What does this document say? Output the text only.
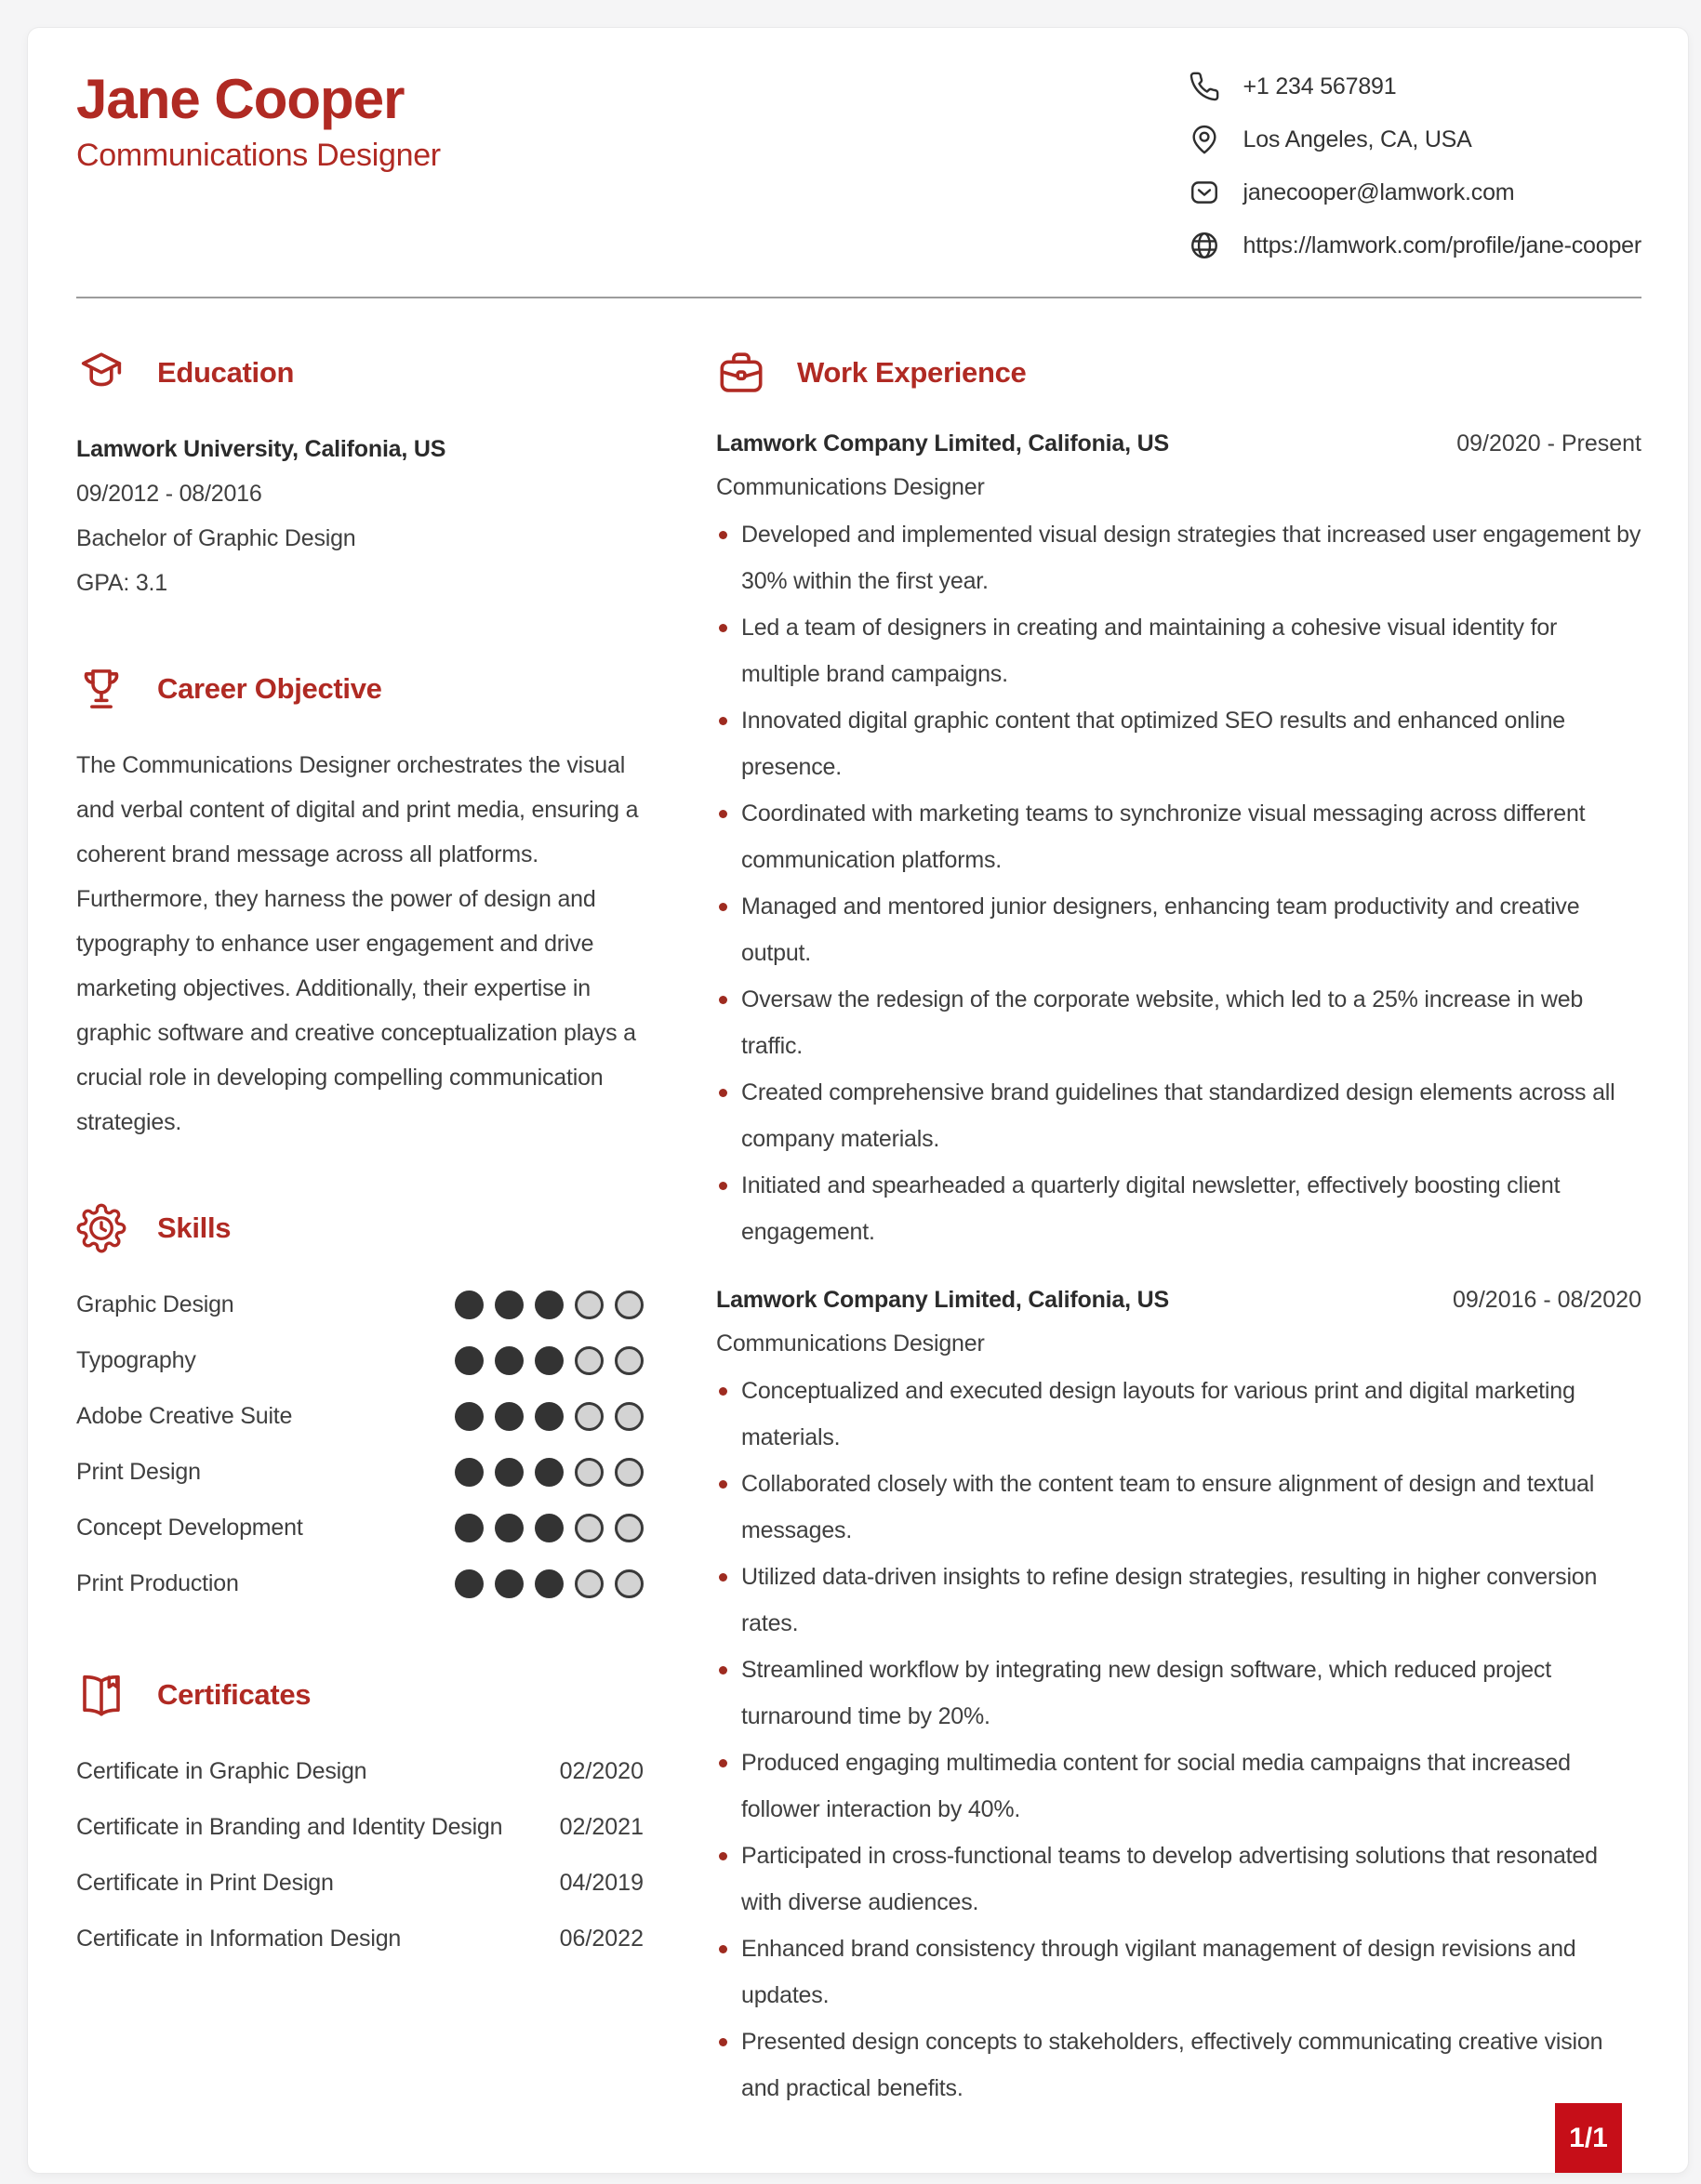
Jane Cooper
Communications Designer
+1 234 567891
Los Angeles, CA, USA
janecooper@lamwork.com
https://lamwork.com/profile/jane-cooper
Education
Lamwork University, Califonia, US
09/2012 - 08/2016
Bachelor of Graphic Design
GPA: 3.1
Career Objective
The Communications Designer orchestrates the visual and verbal content of digital and print media, ensuring a coherent brand message across all platforms. Furthermore, they harness the power of design and typography to enhance user engagement and drive marketing objectives. Additionally, their expertise in graphic software and creative conceptualization plays a crucial role in developing compelling communication strategies.
Skills
Graphic Design
Typography
Adobe Creative Suite
Print Design
Concept Development
Print Production
Certificates
Certificate in Graphic Design	02/2020
Certificate in Branding and Identity Design 02/2021
Certificate in Print Design	04/2019
Certificate in Information Design	06/2022
Work Experience
Lamwork Company Limited, Califonia, US	09/2020 - Present
Communications Designer
Developed and implemented visual design strategies that increased user engagement by 30% within the first year.
Led a team of designers in creating and maintaining a cohesive visual identity for multiple brand campaigns.
Innovated digital graphic content that optimized SEO results and enhanced online presence.
Coordinated with marketing teams to synchronize visual messaging across different communication platforms.
Managed and mentored junior designers, enhancing team productivity and creative output.
Oversaw the redesign of the corporate website, which led to a 25% increase in web traffic.
Created comprehensive brand guidelines that standardized design elements across all company materials.
Initiated and spearheaded a quarterly digital newsletter, effectively boosting client engagement.
Lamwork Company Limited, Califonia, US	09/2016 - 08/2020
Communications Designer
Conceptualized and executed design layouts for various print and digital marketing materials.
Collaborated closely with the content team to ensure alignment of design and textual messages.
Utilized data-driven insights to refine design strategies, resulting in higher conversion rates.
Streamlined workflow by integrating new design software, which reduced project turnaround time by 20%.
Produced engaging multimedia content for social media campaigns that increased follower interaction by 40%.
Participated in cross-functional teams to develop advertising solutions that resonated with diverse audiences.
Enhanced brand consistency through vigilant management of design revisions and updates.
Presented design concepts to stakeholders, effectively communicating creative vision and practical benefits.
1/1
